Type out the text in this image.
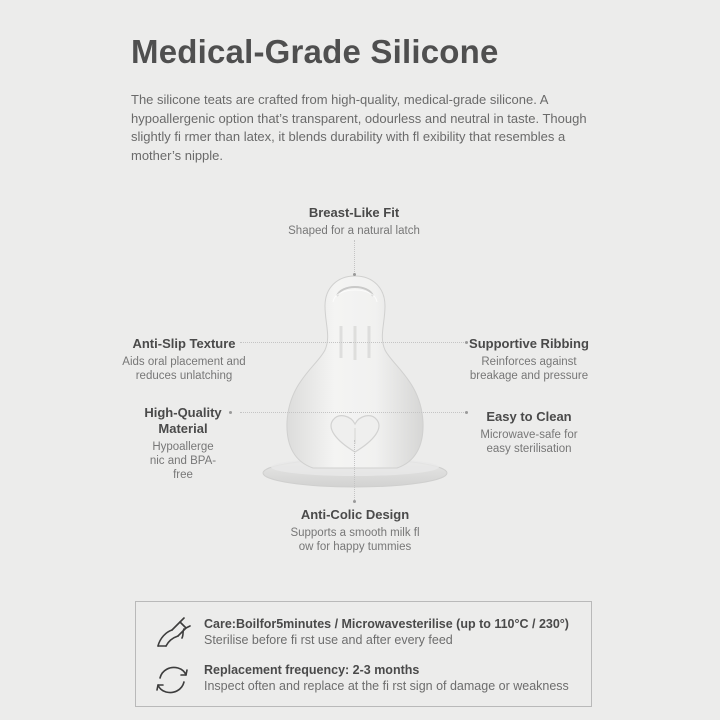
Medical-Grade Silicone

The silicone teats are crafted from high-quality, medical-grade silicone. A hypoallergenic option that’s transparent, odourless and neutral in taste. Though slightly fi rmer than latex, it blends durability with fl exibility that resembles a mother’s nipple.

Breast-Like Fit
Shaped for a natural latch
Anti-Slip Texture
Aids oral placement and reduces unlatching
High-Quality Material
Hypoallerge nic and BPA-free
Supportive Ribbing
Reinforces against breakage and pressure
Easy to Clean
Microwave-safe for easy sterilisation
Anti-Colic Design
Supports a smooth milk fl ow for happy tummies
Care:Boilfor5minutes / Microwavesterilise (up to 110°C / 230°)
Sterilise before fi rst use and after every feed
Replacement frequency: 2-3 months
Inspect often and replace at the fi rst sign of damage or weakness
